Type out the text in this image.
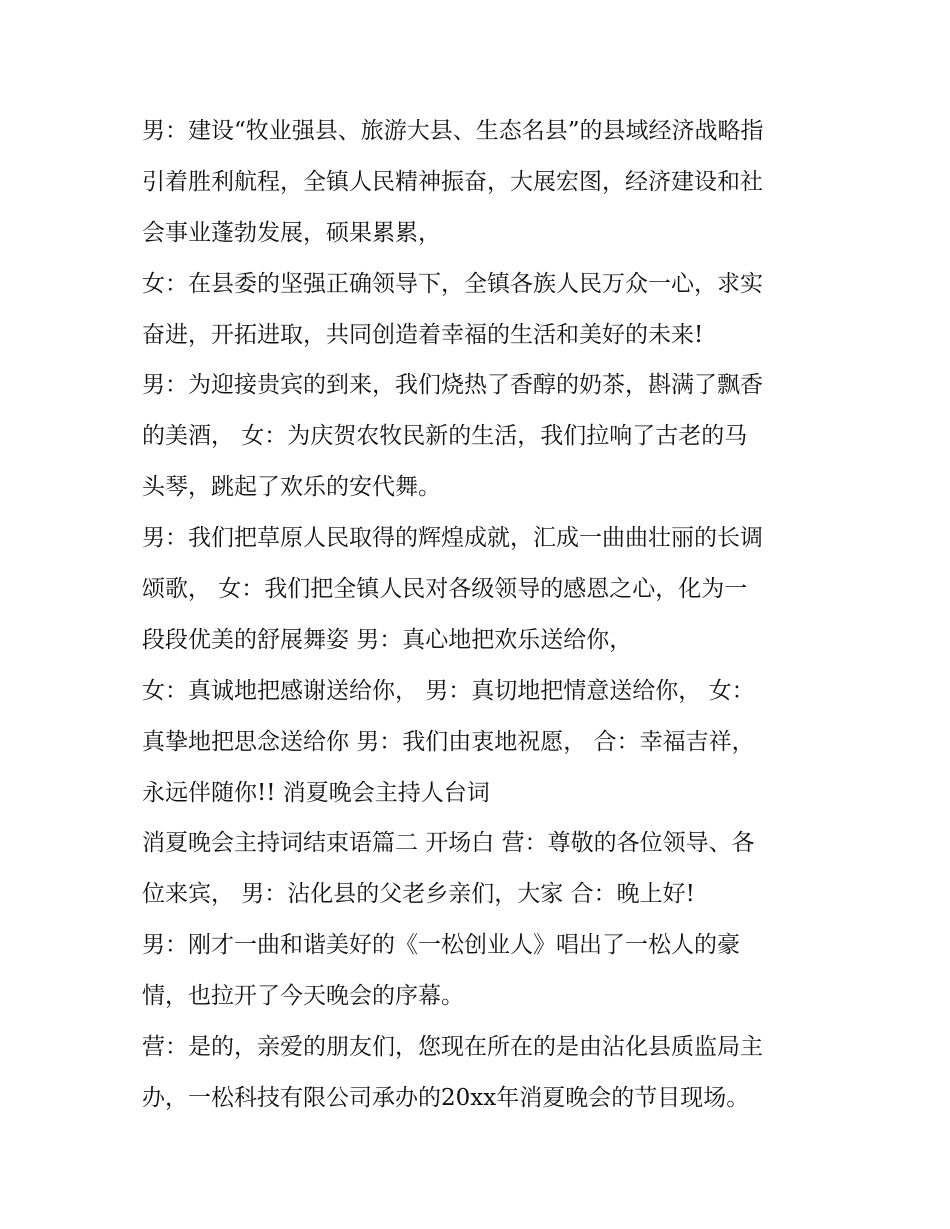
男：建设“牧业强县、旅游大县、生态名县”的县域经济战略指
引着胜利航程，全镇人民精神振奋，大展宏图，经济建设和社
会事业蓬勃发展，硕果累累，
女：在县委的坚强正确领导下，全镇各族人民万众一心，求实
奋进，开拓进取，共同创造着幸福的生活和美好的未来!
男：为迎接贵宾的到来，我们烧热了香醇的奶茶，斟满了飘香
的美酒， 女：为庆贺农牧民新的生活，我们拉响了古老的马
头琴，跳起了欢乐的安代舞。
男：我们把草原人民取得的辉煌成就，汇成一曲曲壮丽的长调
颂歌， 女：我们把全镇人民对各级领导的感恩之心，化为一
段段优美的舒展舞姿 男：真心地把欢乐送给你，
女：真诚地把感谢送给你， 男：真切地把情意送给你， 女：
真挚地把思念送给你 男：我们由衷地祝愿， 合：幸福吉祥，
永远伴随你!! 消夏晚会主持人台词
消夏晚会主持词结束语篇二 开场白 营：尊敬的各位领导、各
位来宾， 男：沾化县的父老乡亲们，大家 合：晚上好!
男：刚才一曲和谐美好的《一松创业人》唱出了一松人的豪
情，也拉开了今天晚会的序幕。
营：是的，亲爱的朋友们，您现在所在的是由沾化县质监局主
办，一松科技有限公司承办的20xx年消夏晚会的节目现场。
